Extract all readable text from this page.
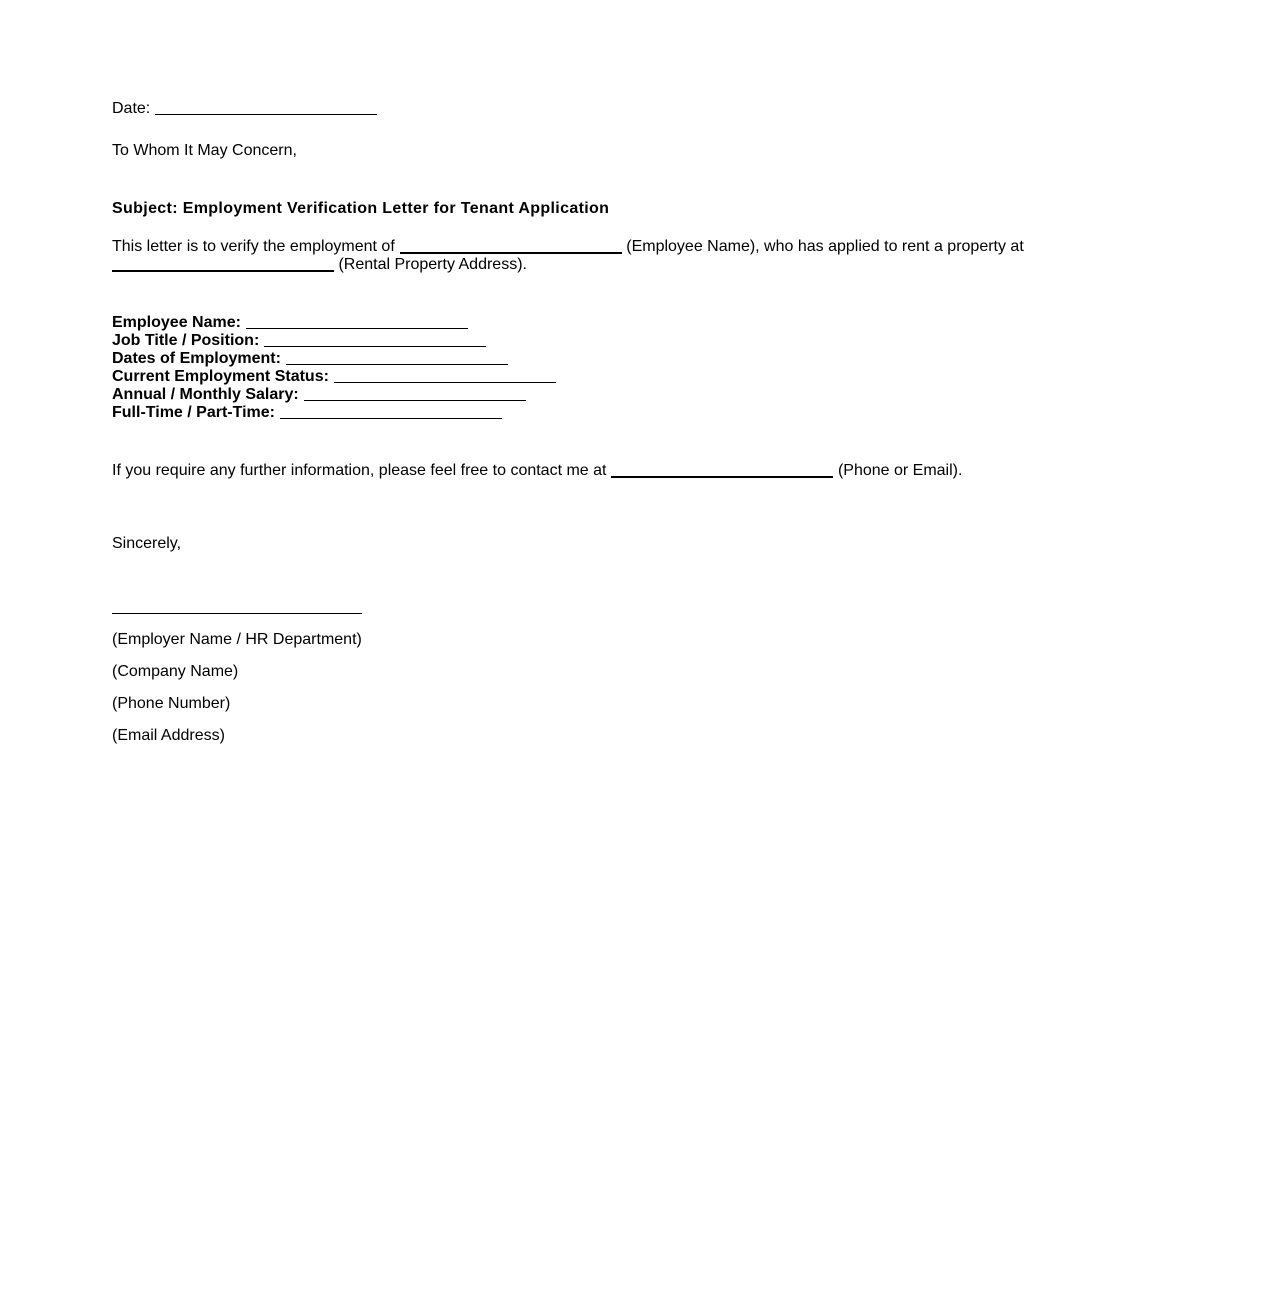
Date:
To Whom It May Concern,
Subject: Employment Verification Letter for Tenant Application
This letter is to verify the employment of	(Employee Name), who has applied to rent a property at
(Rental Property Address).
Employee Name:
Job Title / Position:
Dates of Employment:
Current Employment Status:
Annual / Monthly Salary:
Full-Time / Part-Time:
If you require any further information, please feel free to contact me at	(Phone or Email).
Sincerely,
(Employer Name / HR Department)
(Company Name)
(Phone Number)
(Email Address)
